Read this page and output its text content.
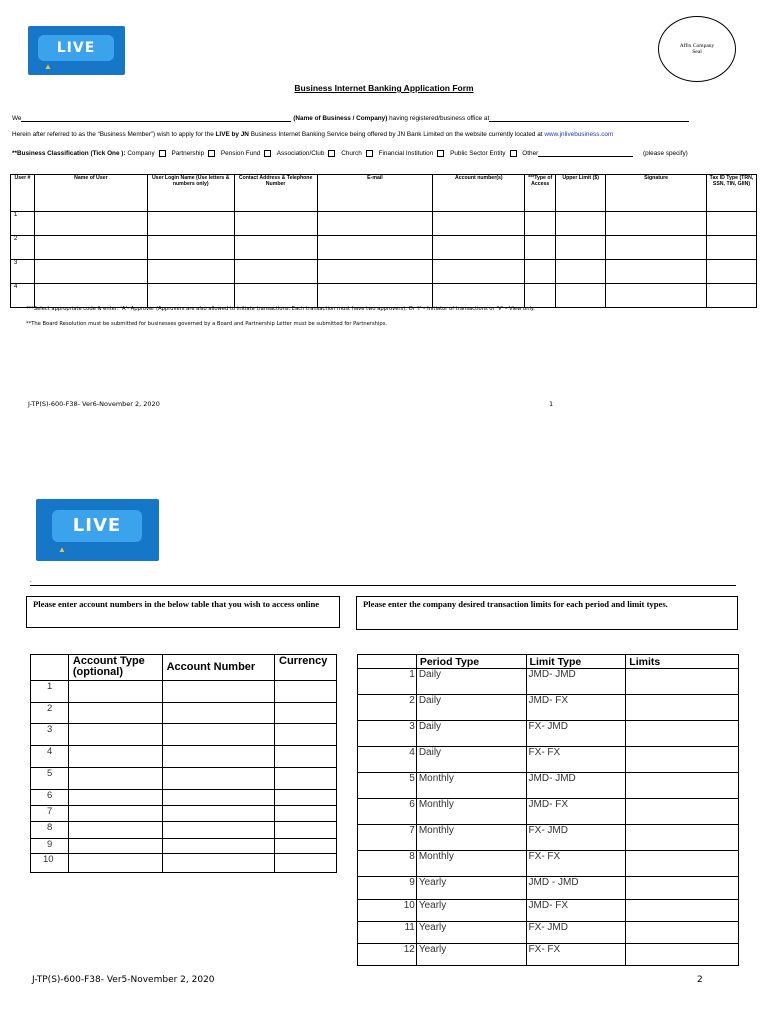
LIVE
▲
Affix Company
Seal
Business Internet Banking Application Form
We	(Name of Business / Company) having registered/business office at
Herein after referred to as the “Business Member”) wish to apply for the LIVE by JN Business Internet Banking Service being offered by JN Bank Limited on the website currently located at www.jnlivebusiness.com
**Business Classification (Tick One ): Company	Partnership	Pension Fund	Association/Club	Church	Financial Institution	Public Sector Entity	Other	(please specify)
User #	Name of User	User Login Name (Use letters & numbers only)	Contact Address & Telephone Number	E-mail	Account number(s)	***Type of Access	Upper Limit ($)	Signature	Tax ID Type (TRN, SSN, TIN, GIIN)
1									
2									
3									
4									
***Select appropriate code & enter: ‘A’- Approver (Approvers are also allowed to initiate transactions. Each transaction must have two approvers). Or ‘I’ – Initiator of transactions or ‘V’ – View only.
**The Board Resolution must be submitted for businesses governed by a Board and Partnership Letter must be submitted for Partnerships.
J-TP(S)-600-F38- Ver6-November 2, 2020	1
LIVE
▲
.
Please enter account numbers in the below table that you wish to access online	Please enter the company desired transaction limits for each period and limit types.
	Account Type (optional)	Account Number	Currency
1			
2			
3			
4			
5			
6			
7			
8			
9			
10			
	Period Type	Limit Type	Limits
1	Daily	JMD- JMD	
2	Daily	JMD- FX	
3	Daily	FX- JMD	
4	Daily	FX- FX	
5	Monthly	JMD- JMD	
6	Monthly	JMD- FX	
7	Monthly	FX- JMD	
8	Monthly	FX- FX	
9	Yearly	JMD - JMD	
10	Yearly	JMD- FX	
11	Yearly	FX- JMD	
12	Yearly	FX- FX	
J-TP(S)-600-F38- Ver5-November 2, 2020	2
